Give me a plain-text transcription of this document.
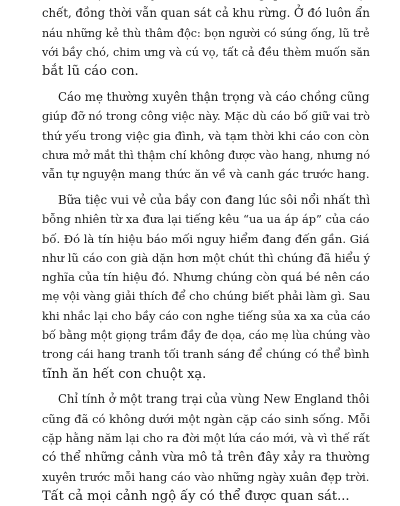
chết, đồng thời vẫn quan sát cả khu rừng. Ở đó luôn ẩn
náu những kẻ thù thâm độc: bọn người có súng ống, lũ trẻ
với bầy chó, chim ưng và cú vọ, tất cả đều thèm muốn săn
bắt lũ cáo con.

Cáo mẹ thường xuyên thận trọng và cáo chồng cũng
giúp đỡ nó trong công việc này. Mặc dù cáo bố giữ vai trò
thứ yếu trong việc gia đình, và tạm thời khi cáo con còn
chưa mở mắt thì thậm chí không được vào hang, nhưng nó
vẫn tự nguyện mang thức ăn về và canh gác trước hang.

Bữa tiệc vui vẻ của bầy con đang lúc sôi nổi nhất thì
bỗng nhiên từ xa đưa lại tiếng kêu “ua ua áp áp” của cáo
bố. Đó là tín hiệu báo mối nguy hiểm đang đến gần. Giá
như lũ cáo con già dặn hơn một chút thì chúng đã hiểu ý
nghĩa của tín hiệu đó. Nhưng chúng còn quá bé nên cáo
mẹ vội vàng giải thích để cho chúng biết phải làm gì. Sau
khi nhắc lại cho bầy cáo con nghe tiếng sủa xa xa của cáo
bố bằng một giọng trầm đầy đe dọa, cáo mẹ lùa chúng vào
trong cái hang tranh tối tranh sáng để chúng có thể bình
tĩnh ăn hết con chuột xạ.

Chỉ tính ở một trang trại của vùng New England thôi
cũng đã có không dưới một ngàn cặp cáo sinh sống. Mỗi
cặp hằng năm lại cho ra đời một lứa cáo mới, và vì thế rất
có thể những cảnh vừa mô tả trên đây xảy ra thường
xuyên trước mỗi hang cáo vào những ngày xuân đẹp trời.
Tất cả mọi cảnh ngộ ấy có thể được quan sát...
